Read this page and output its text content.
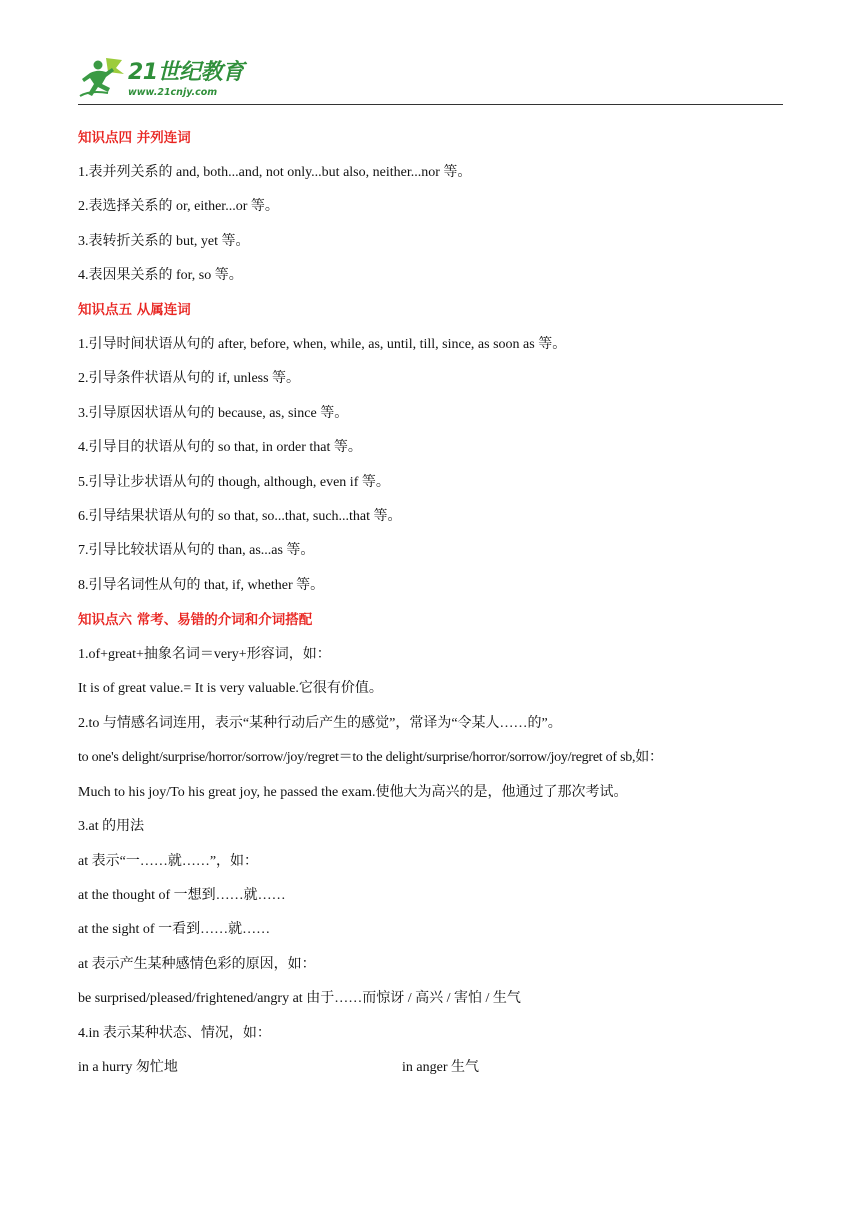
21世纪教育
www.21cnjy.com
知识点四 并列连词
1.表并列关系的 and, both...and, not only...but also, neither...nor 等。
2.表选择关系的 or, either...or 等。
3.表转折关系的 but, yet 等。
4.表因果关系的 for, so 等。
知识点五 从属连词
1.引导时间状语从句的 after, before, when, while, as, until, till, since, as soon as 等。
2.引导条件状语从句的 if, unless 等。
3.引导原因状语从句的 because, as, since 等。
4.引导目的状语从句的 so that, in order that 等。
5.引导让步状语从句的 though, although, even if 等。
6.引导结果状语从句的 so that, so...that, such...that 等。
7.引导比较状语从句的 than, as...as 等。
8.引导名词性从句的 that, if, whether 等。
知识点六 常考、易错的介词和介词搭配
1.of+great+抽象名词＝very+形容词，如：
It is of great value.= It is very valuable.它很有价值。
2.to 与情感名词连用，表示“某种行动后产生的感觉”，常译为“令某人……的”。
to one's delight/surprise/horror/sorrow/joy/regret＝to the delight/surprise/horror/sorrow/joy/regret of sb,如：
Much to his joy/To his great joy, he passed the exam.使他大为高兴的是，他通过了那次考试。
3.at 的用法
at 表示“一……就……”，如：
at the thought of 一想到……就……
at the sight of 一看到……就……
at 表示产生某种感情色彩的原因，如：
be surprised/pleased/frightened/angry at 由于……而惊讶 / 高兴 / 害怕 / 生气
4.in 表示某种状态、情况，如：
in a hurry 匆忙地	in anger 生气
